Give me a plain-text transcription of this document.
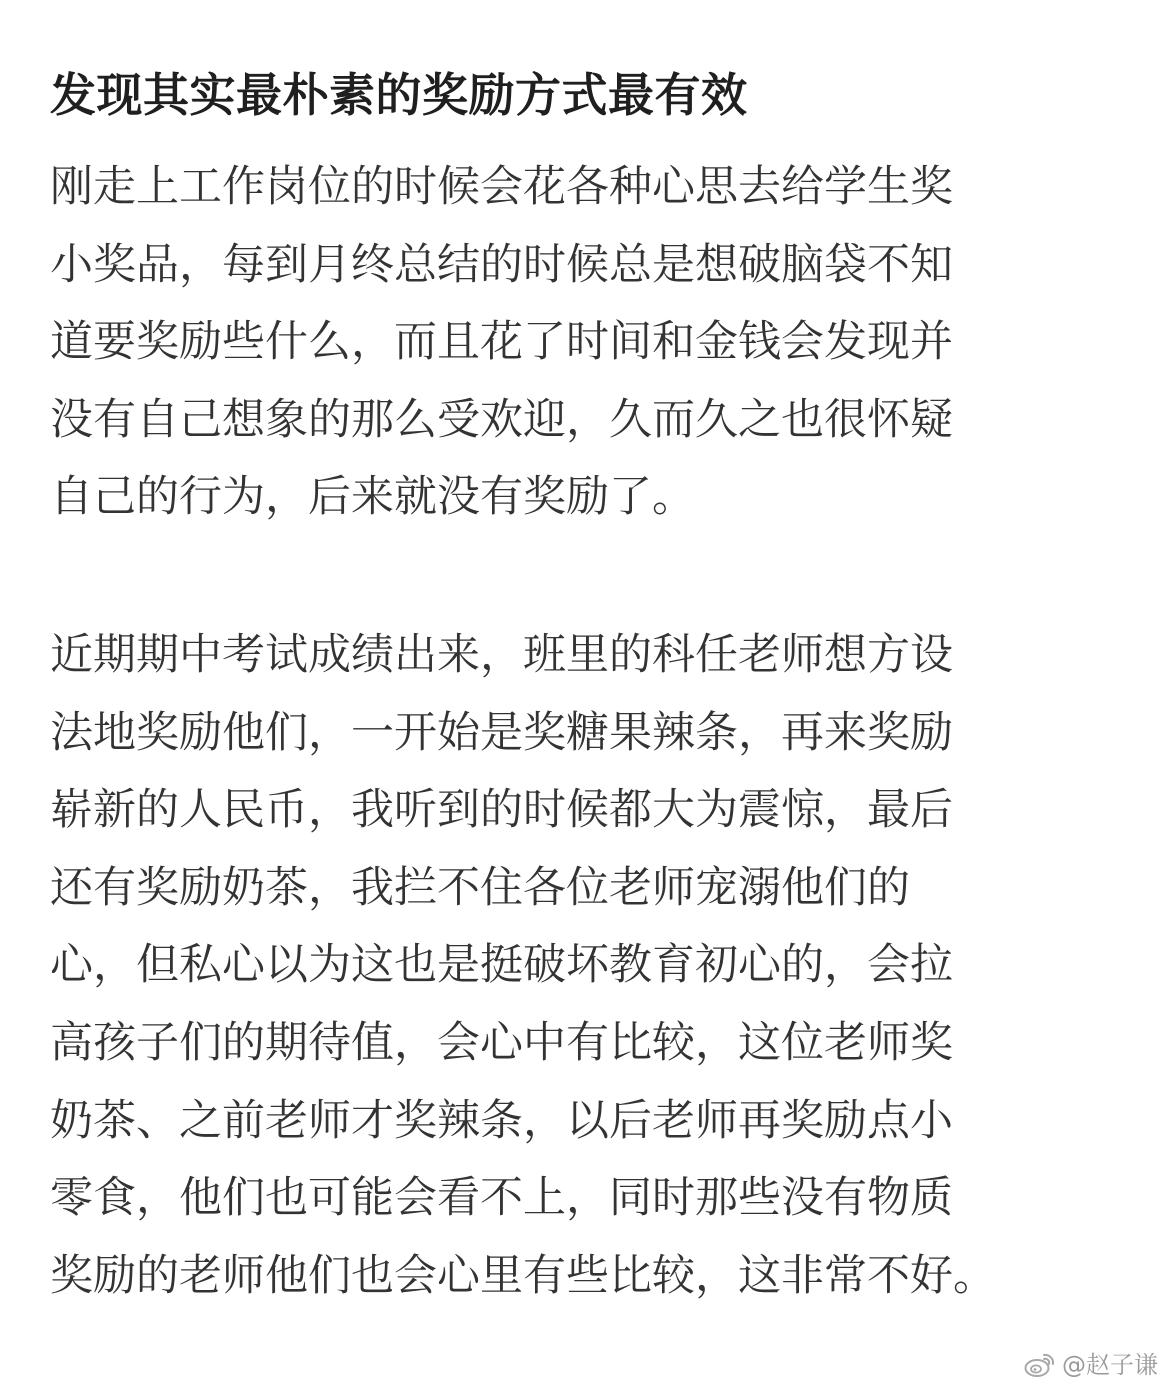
发现其实最朴素的奖励方式最有效
刚走上工作岗位的时候会花各种心思去给学生奖
小奖品，每到月终总结的时候总是想破脑袋不知
道要奖励些什么，而且花了时间和金钱会发现并
没有自己想象的那么受欢迎，久而久之也很怀疑
自己的行为，后来就没有奖励了。
近期期中考试成绩出来，班里的科任老师想方设
法地奖励他们，一开始是奖糖果辣条，再来奖励
崭新的人民币，我听到的时候都大为震惊，最后
还有奖励奶茶，我拦不住各位老师宠溺他们的
心，但私心以为这也是挺破坏教育初心的，会拉
高孩子们的期待值，会心中有比较，这位老师奖
奶茶、之前老师才奖辣条，以后老师再奖励点小
零食，他们也可能会看不上，同时那些没有物质
奖励的老师他们也会心里有些比较，这非常不好。
@赵子谦
